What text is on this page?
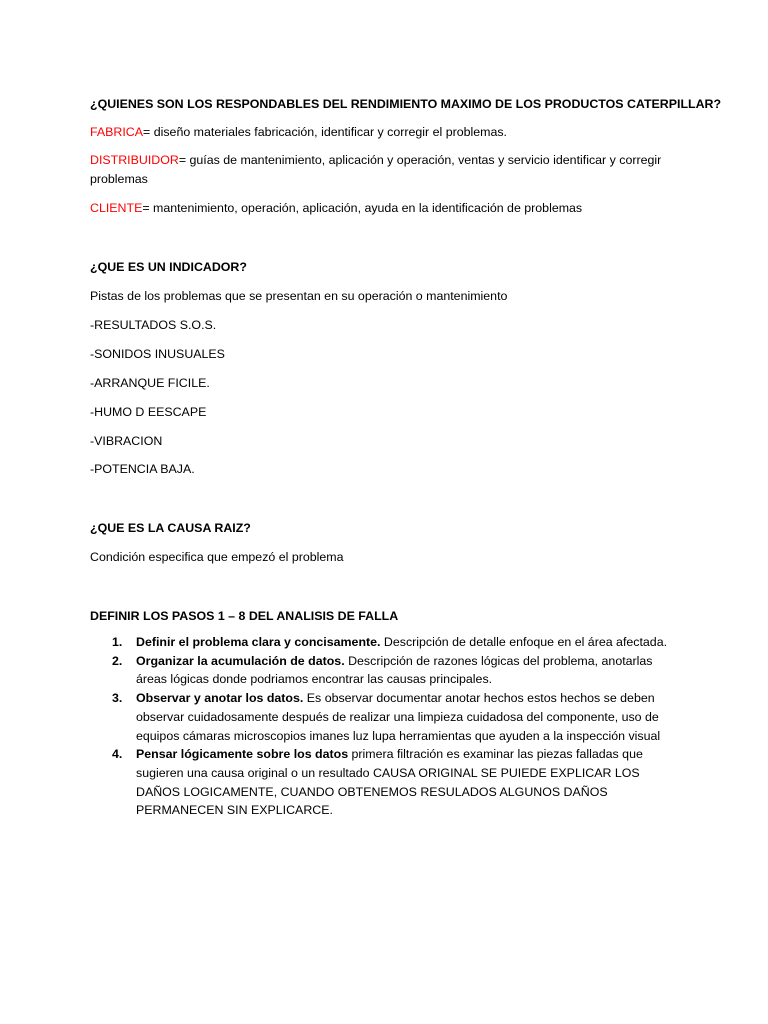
¿QUIENES SON LOS RESPONDABLES DEL RENDIMIENTO MAXIMO DE LOS PRODUCTOS CATERPILLAR?

FABRICA= diseño materiales fabricación, identificar y corregir el problemas.

DISTRIBUIDOR= guías de mantenimiento, aplicación y operación, ventas y servicio identificar y corregir problemas

CLIENTE= mantenimiento, operación, aplicación, ayuda en la identificación de problemas

¿QUE ES UN INDICADOR?

Pistas de los problemas que se presentan en su operación o mantenimiento

-RESULTADOS S.O.S.

-SONIDOS INUSUALES

-ARRANQUE FICILE.

-HUMO D EESCAPE

-VIBRACION

-POTENCIA BAJA.

¿QUE ES LA CAUSA RAIZ?

Condición especifica que empezó el problema

DEFINIR LOS PASOS 1 – 8 DEL ANALISIS DE FALLA

1. Definir el problema clara y concisamente. Descripción de detalle enfoque en el área afectada.
2. Organizar la acumulación de datos. Descripción de razones lógicas del problema, anotarlas áreas lógicas donde podriamos encontrar las causas principales.
3. Observar y anotar los datos. Es observar documentar anotar hechos estos hechos se deben observar cuidadosamente después de realizar una limpieza cuidadosa del componente, uso de equipos cámaras microscopios imanes luz lupa herramientas que ayuden a la inspección visual
4. Pensar lógicamente sobre los datos primera filtración es examinar las piezas falladas que sugieren una causa original o un resultado CAUSA ORIGINAL SE PUIEDE EXPLICAR LOS DAÑOS LOGICAMENTE, CUANDO OBTENEMOS RESULADOS ALGUNOS DAÑOS PERMANECEN SIN EXPLICARCE.
